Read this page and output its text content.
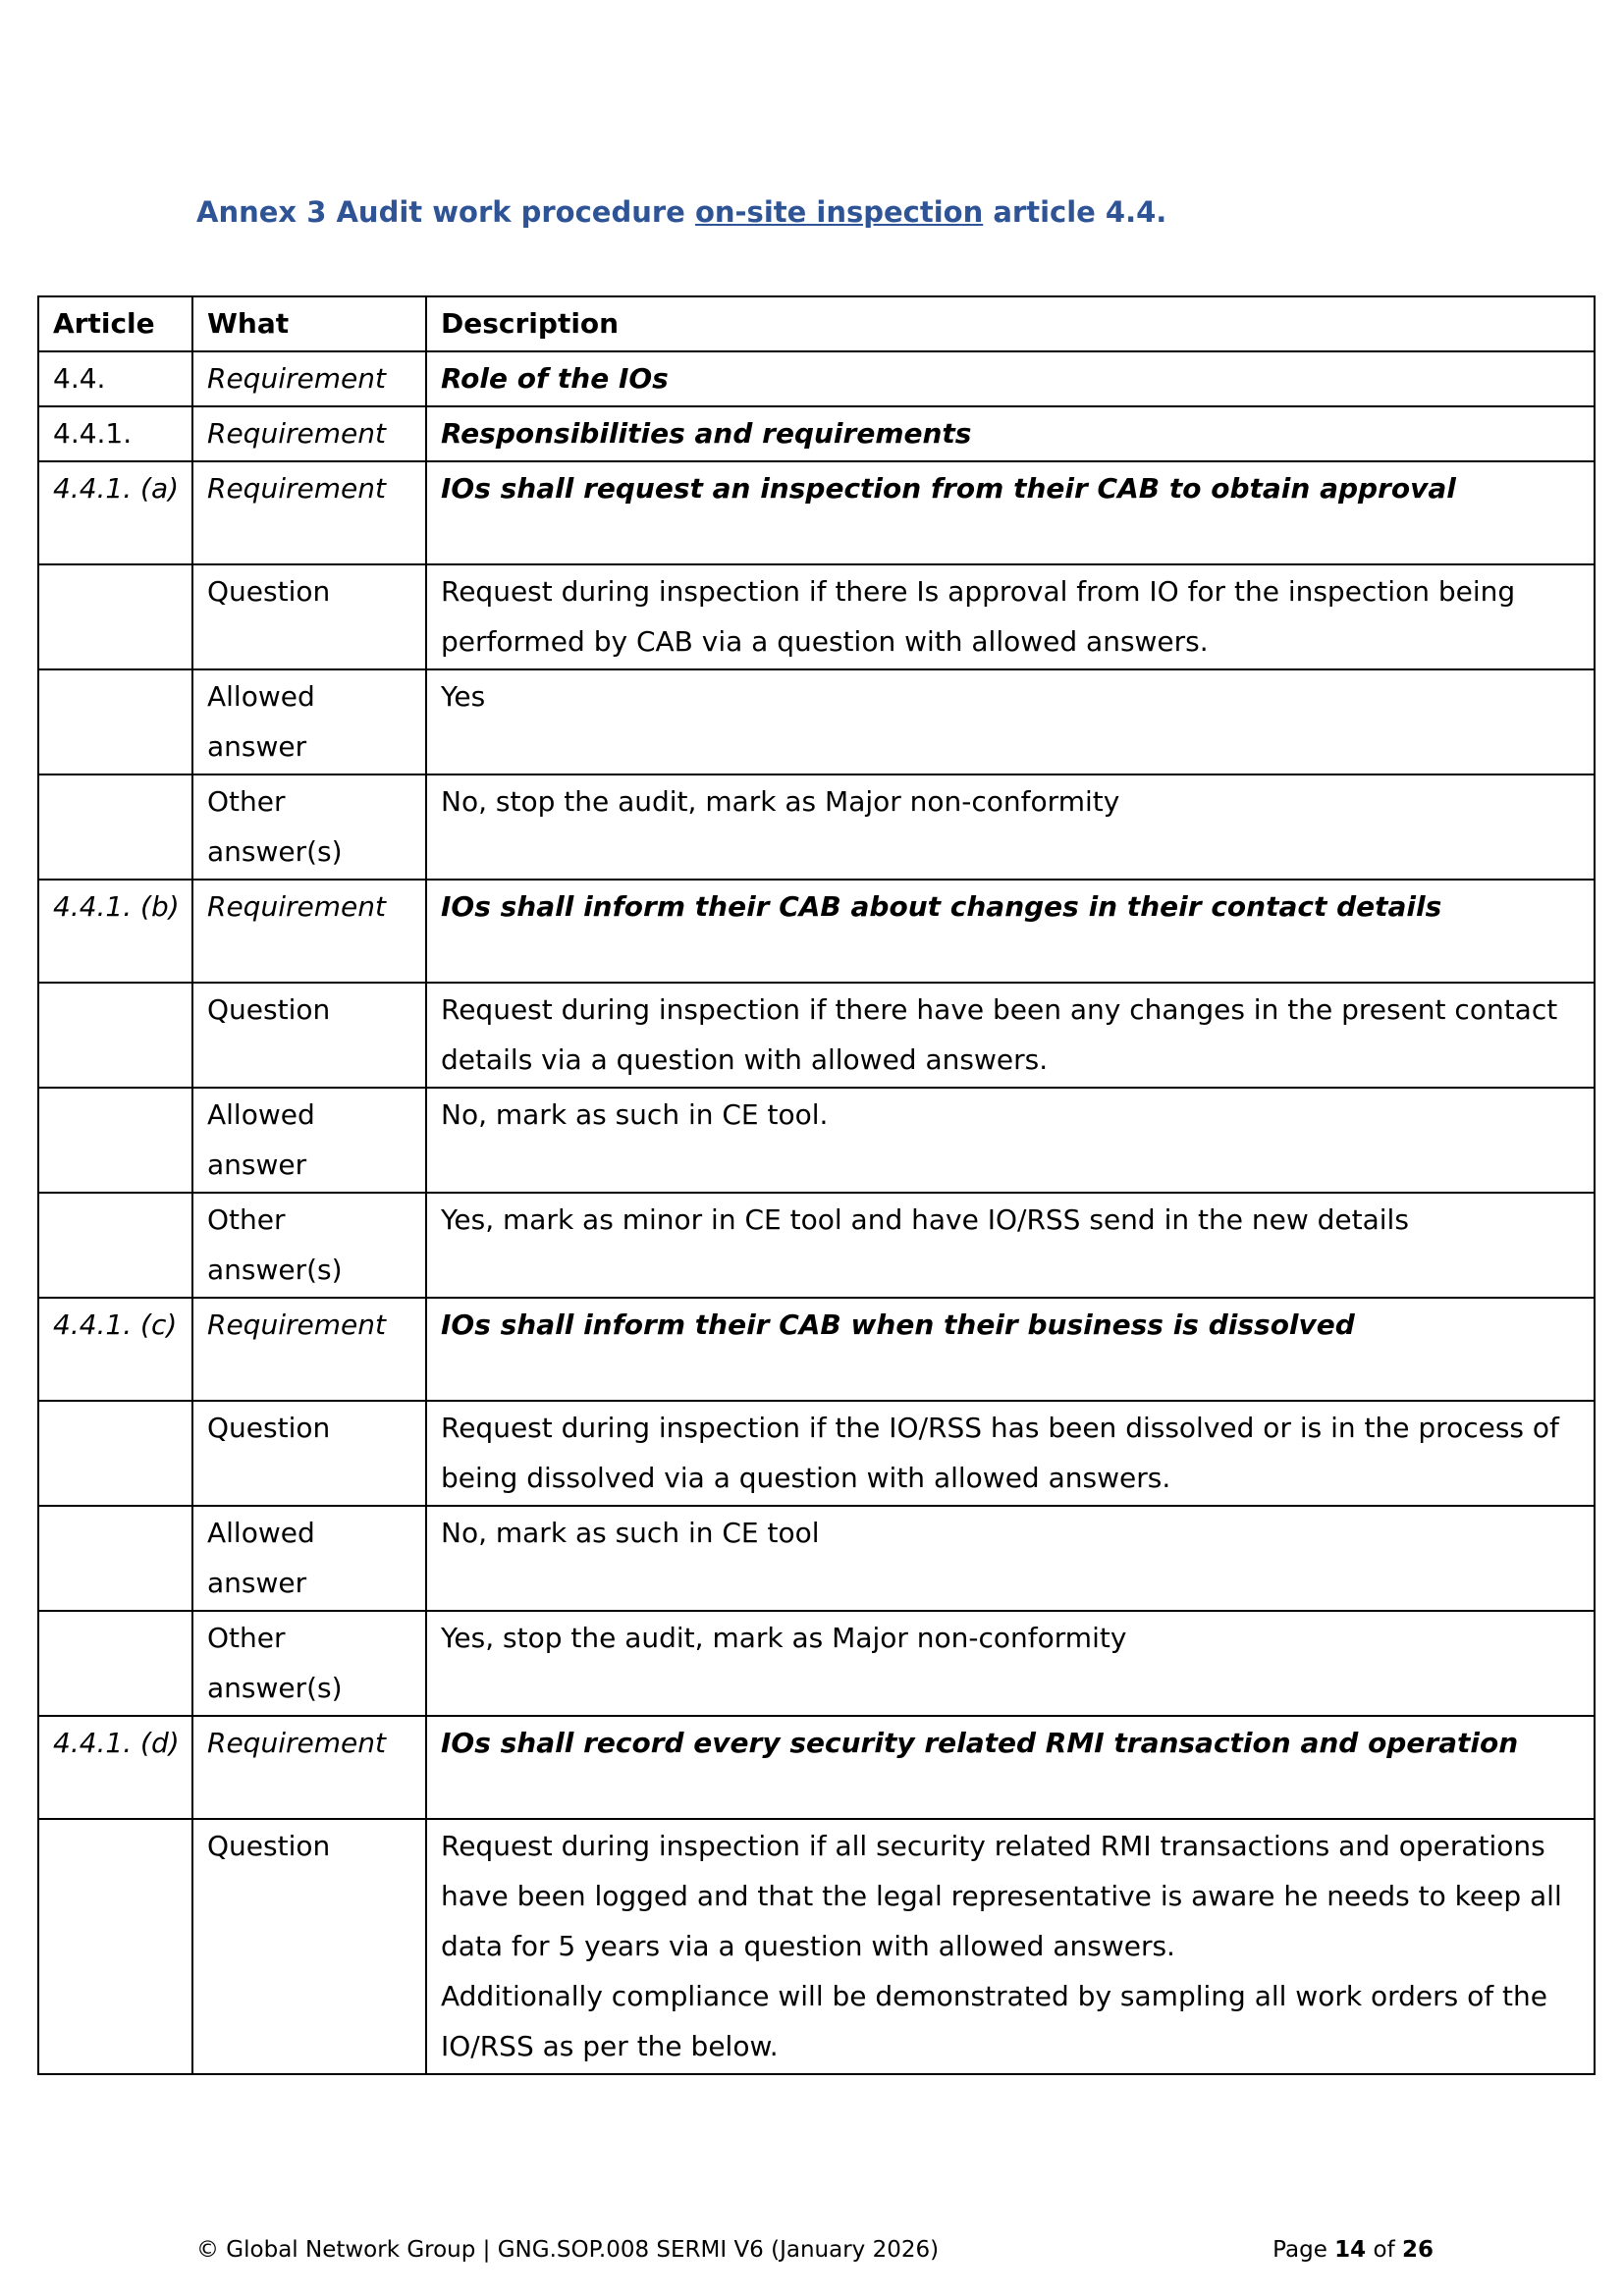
Annex 3 Audit work procedure on-site inspection article 4.4.
Article	What	Description
4.4.	Requirement	Role of the IOs
4.4.1.	Requirement	Responsibilities and requirements
4.4.1. (a)	Requirement	IOs shall request an inspection from their CAB to obtain approval
	Question	Request during inspection if there Is approval from IO for the inspection being performed by CAB via a question with allowed answers.
	Allowed answer	Yes
	Other answer(s)	No, stop the audit, mark as Major non-conformity
4.4.1. (b)	Requirement	IOs shall inform their CAB about changes in their contact details
	Question	Request during inspection if there have been any changes in the present contact details via a question with allowed answers.
	Allowed answer	No, mark as such in CE tool.
	Other answer(s)	Yes, mark as minor in CE tool and have IO/RSS send in the new details
4.4.1. (c)	Requirement	IOs shall inform their CAB when their business is dissolved
	Question	Request during inspection if the IO/RSS has been dissolved or is in the process of being dissolved via a question with allowed answers.
	Allowed answer	No, mark as such in CE tool
	Other answer(s)	Yes, stop the audit, mark as Major non-conformity
4.4.1. (d)	Requirement	IOs shall record every security related RMI transaction and operation
	Question	Request during inspection if all security related RMI transactions and operations have been logged and that the legal representative is aware he needs to keep all data for 5 years via a question with allowed answers.
Additionally compliance will be demonstrated by sampling all work orders of the IO/RSS as per the below.
© Global Network Group | GNG.SOP.008 SERMI V6 (January 2026)	Page 14 of 26
